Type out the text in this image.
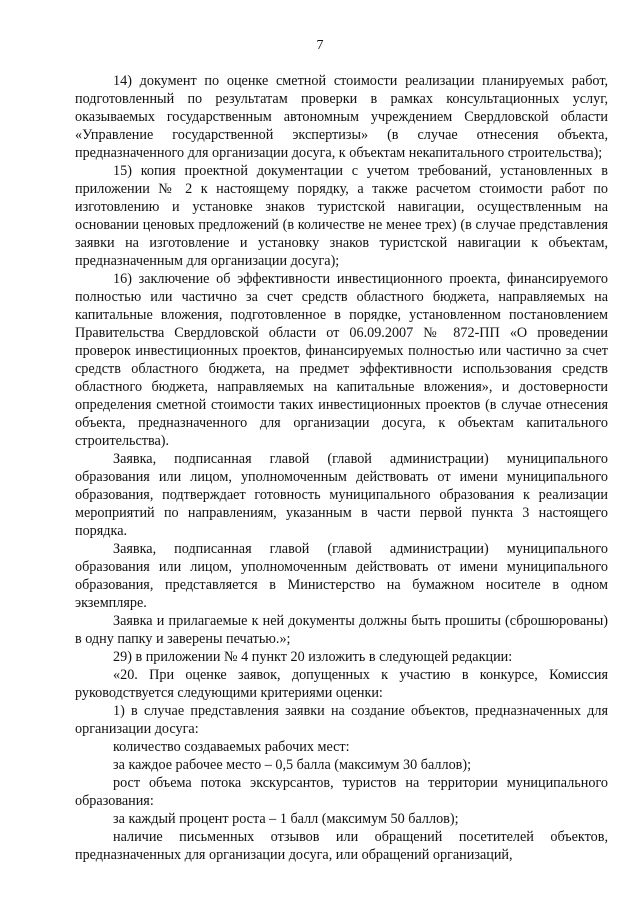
7

14) документ по оценке сметной стоимости реализации планируемых работ, подготовленный по результатам проверки в рамках консультационных услуг, оказываемых государственным автономным учреждением Свердловской области «Управление государственной экспертизы» (в случае отнесения объекта, предназначенного для организации досуга, к объектам некапитального строительства);

15) копия проектной документации с учетом требований, установленных в приложении № 2 к настоящему порядку, а также расчетом стоимости работ по изготовлению и установке знаков туристской навигации, осуществленным на основании ценовых предложений (в количестве не менее трех) (в случае представления заявки на изготовление и установку знаков туристской навигации к объектам, предназначенным для организации досуга);

16) заключение об эффективности инвестиционного проекта, финансируемого полностью или частично за счет средств областного бюджета, направляемых на капитальные вложения, подготовленное в порядке, установленном постановлением Правительства Свердловской области от 06.09.2007 № 872-ПП «О проведении проверок инвестиционных проектов, финансируемых полностью или частично за счет средств областного бюджета, на предмет эффективности использования средств областного бюджета, направляемых на капитальные вложения», и достоверности определения сметной стоимости таких инвестиционных проектов (в случае отнесения объекта, предназначенного для организации досуга, к объектам капитального строительства).

Заявка, подписанная главой (главой администрации) муниципального образования или лицом, уполномоченным действовать от имени муниципального образования, подтверждает готовность муниципального образования к реализации мероприятий по направлениям, указанным в части первой пункта 3 настоящего порядка.

Заявка, подписанная главой (главой администрации) муниципального образования или лицом, уполномоченным действовать от имени муниципального образования, представляется в Министерство на бумажном носителе в одном экземпляре.

Заявка и прилагаемые к ней документы должны быть прошиты (сброшюрованы) в одну папку и заверены печатью.»;

29) в приложении № 4 пункт 20 изложить в следующей редакции:

«20. При оценке заявок, допущенных к участию в конкурсе, Комиссия руководствуется следующими критериями оценки:

1) в случае представления заявки на создание объектов, предназначенных для организации досуга:

количество создаваемых рабочих мест:

за каждое рабочее место – 0,5 балла (максимум 30 баллов);

рост объема потока экскурсантов, туристов на территории муниципального образования:

за каждый процент роста – 1 балл (максимум 50 баллов);

наличие письменных отзывов или обращений посетителей объектов, предназначенных для организации досуга, или обращений организаций,
